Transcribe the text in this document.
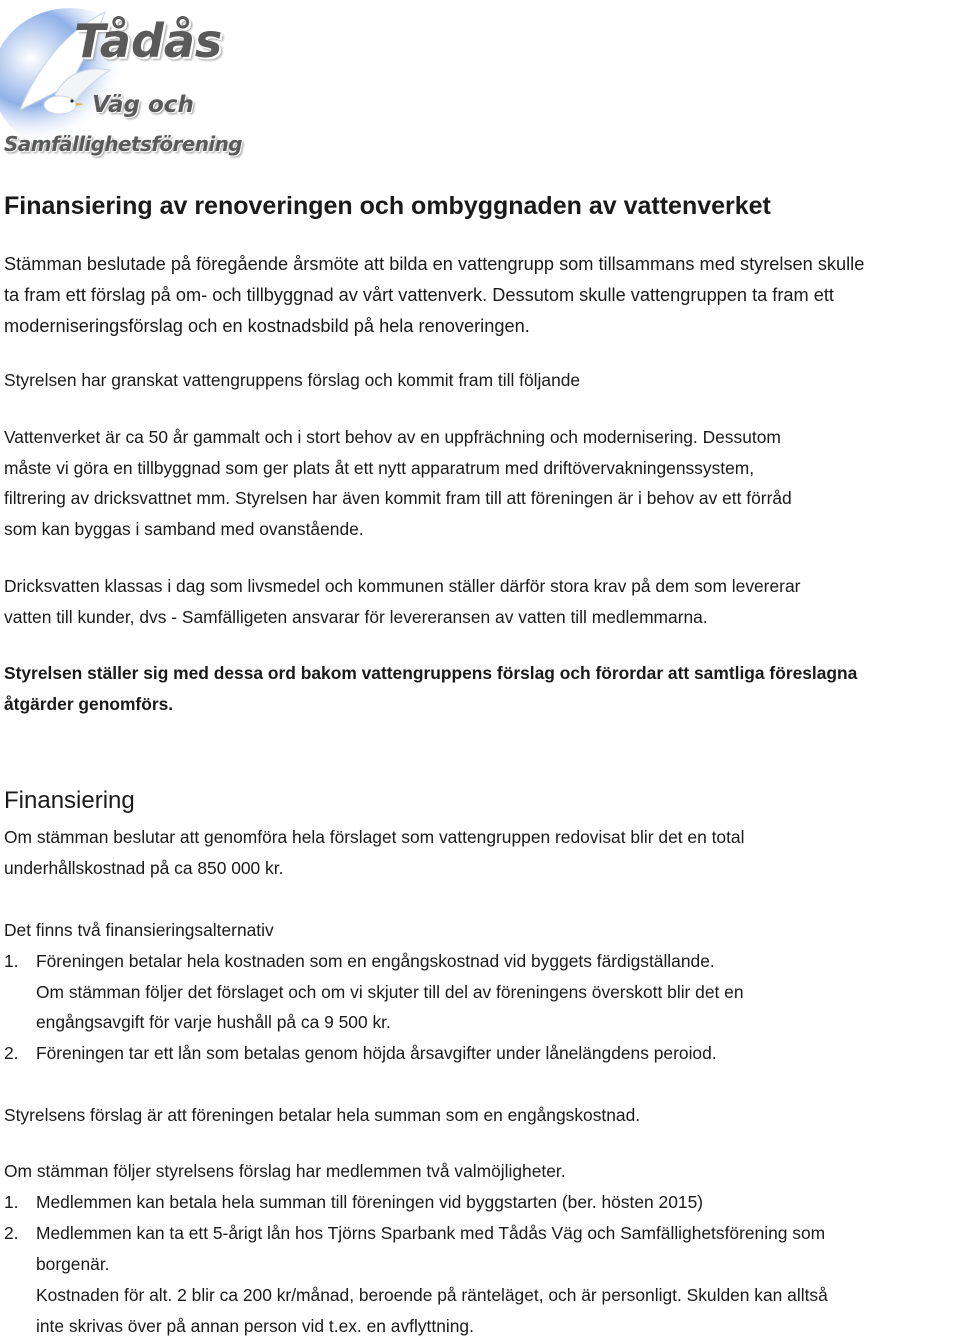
Tådås
Väg och
Samfällighetsförening
Finansiering av renoveringen och ombyggnaden av vattenverket
Stämman beslutade på föregående årsmöte att bilda en vattengrupp som tillsammans med styrelsen skulle
ta fram ett förslag på om- och tillbyggnad av vårt vattenverk. Dessutom skulle vattengruppen ta fram ett
moderniseringsförslag och en kostnadsbild på hela renoveringen.
Styrelsen har granskat vattengruppens förslag och kommit fram till följande
Vattenverket är ca 50 år gammalt och i stort behov av en uppfrächning och modernisering. Dessutom
måste vi göra en tillbyggnad som ger plats åt ett nytt apparatrum med driftövervakningenssystem,
filtrering av dricksvattnet mm. Styrelsen har även kommit fram till att föreningen är i behov av ett förråd
som kan byggas i samband med ovanstående.
Dricksvatten klassas i dag som livsmedel och kommunen ställer därför stora krav på dem som levererar
vatten till kunder, dvs - Samfälligeten ansvarar för levereransen av vatten till medlemmarna.
Styrelsen ställer sig med dessa ord bakom vattengruppens förslag och förordar att samtliga föreslagna
åtgärder genomförs.
Finansiering
Om stämman beslutar att genomföra hela förslaget som vattengruppen redovisat blir det en total
underhållskostnad på ca 850 000 kr.
Det finns två finansieringsalternativ
1. Föreningen betalar hela kostnaden som en engångskostnad vid byggets färdigställande.
Om stämman följer det förslaget och om vi skjuter till del av föreningens överskott blir det en
engångsavgift för varje hushåll på ca 9 500 kr.
2. Föreningen tar ett lån som betalas genom höjda årsavgifter under lånelängdens peroiod.
Styrelsens förslag är att föreningen betalar hela summan som en engångskostnad.
Om stämman följer styrelsens förslag har medlemmen två valmöjligheter.
1. Medlemmen kan betala hela summan till föreningen vid byggstarten (ber. hösten 2015)
2. Medlemmen kan ta ett 5-årigt lån hos Tjörns Sparbank med Tådås Väg och Samfällighetsförening som
borgenär.
Kostnaden för alt. 2 blir ca 200 kr/månad, beroende på ränteläget, och är personligt. Skulden kan alltså
inte skrivas över på annan person vid t.ex. en avflyttning.
